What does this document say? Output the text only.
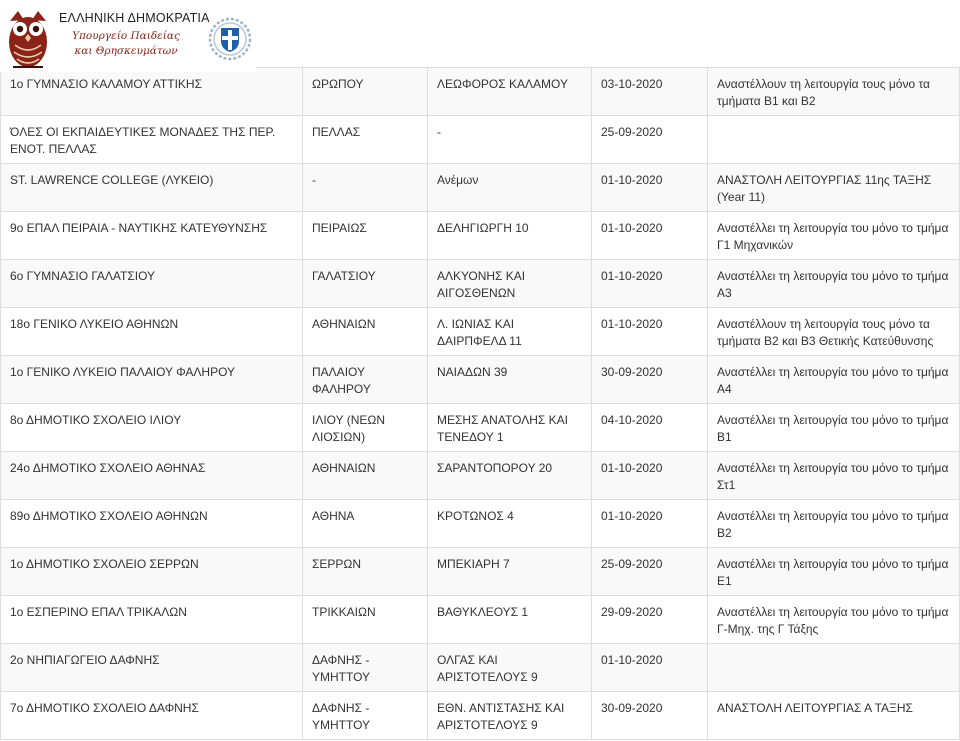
ΕΛΛΗΝΙΚΗ ΔΗΜΟΚΡΑΤΙΑ
Υπουργείο Παιδείας
και Θρησκευμάτων
1ο ΓΥΜΝΑΣΙΟ ΚΑΛΑΜΟΥ ΑΤΤΙΚΗΣ	ΩΡΩΠΟΥ	ΛΕΩΦΟΡΟΣ ΚΑΛΑΜΟΥ	03-10-2020	Αναστέλλουν τη λειτουργία τους μόνο τα τμήματα Β1 και Β2
ΌΛΕΣ ΟΙ ΕΚΠΑΙΔΕΥΤΙΚΕΣ ΜΟΝΑΔΕΣ ΤΗΣ ΠΕΡ. ΕΝΟΤ. ΠΕΛΛΑΣ	ΠΕΛΛΑΣ	-	25-09-2020	
ST. LAWRENCE COLLEGE (ΛΥΚΕΙΟ)	-	Ανέμων	01-10-2020	ΑΝΑΣΤΟΛΗ ΛΕΙΤΟΥΡΓΙΑΣ 11ης ΤΑΞΗΣ (Year 11)
9ο ΕΠΑΛ ΠΕΙΡΑΙΑ - ΝΑΥΤΙΚΗΣ ΚΑΤΕΥΘΥΝΣΗΣ	ΠΕΙΡΑΙΩΣ	ΔΕΛΗΓΙΩΡΓΗ 10	01-10-2020	Αναστέλλει τη λειτουργία του μόνο το τμήμα Γ1 Μηχανικών
6ο ΓΥΜΝΑΣΙΟ ΓΑΛΑΤΣΙΟΥ	ΓΑΛΑΤΣΙΟΥ	ΑΛΚΥΟΝΗΣ ΚΑΙ ΑΙΓΟΣΘΕΝΩΝ	01-10-2020	Αναστέλλει τη λειτουργία του μόνο το τμήμα Α3
18ο ΓΕΝΙΚΟ ΛΥΚΕΙΟ ΑΘΗΝΩΝ	ΑΘΗΝΑΙΩΝ	Λ. ΙΩΝΙΑΣ ΚΑΙ ΔΑΙΡΠΦΕΛΔ 11	01-10-2020	Αναστέλλουν τη λειτουργία τους μόνο τα τμήματα Β2 και Β3 Θετικής Κατεύθυνσης
1ο ΓΕΝΙΚΟ ΛΥΚΕΙΟ ΠΑΛΑΙΟΥ ΦΑΛΗΡΟΥ	ΠΑΛΑΙΟΥ ΦΑΛΗΡΟΥ	ΝΑΙΑΔΩΝ 39	30-09-2020	Αναστέλλει τη λειτουργία του μόνο το τμήμα Α4
8ο ΔΗΜΟΤΙΚΟ ΣΧΟΛΕΙΟ ΙΛΙΟΥ	ΙΛΙΟΥ (ΝΕΩΝ ΛΙΟΣΙΩΝ)	ΜΕΣΗΣ ΑΝΑΤΟΛΗΣ ΚΑΙ ΤΕΝΕΔΟΥ 1	04-10-2020	Αναστέλλει τη λειτουργία του μόνο το τμήμα Β1
24ο ΔΗΜΟΤΙΚΟ ΣΧΟΛΕΙΟ ΑΘΗΝΑΣ	ΑΘΗΝΑΙΩΝ	ΣΑΡΑΝΤΟΠΟΡΟΥ 20	01-10-2020	Αναστέλλει τη λειτουργία του μόνο το τμήμα Στ1
89ο ΔΗΜΟΤΙΚΟ ΣΧΟΛΕΙΟ ΑΘΗΝΩΝ	ΑΘΗΝΑ	ΚΡΟΤΩΝΟΣ 4	01-10-2020	Αναστέλλει τη λειτουργία του μόνο το τμήμα Β2
1ο ΔΗΜΟΤΙΚΟ ΣΧΟΛΕΙΟ ΣΕΡΡΩΝ	ΣΕΡΡΩΝ	ΜΠΕΚΙΑΡΗ 7	25-09-2020	Αναστέλλει τη λειτουργία του μόνο το τμήμα Ε1
1ο ΕΣΠΕΡΙΝΟ ΕΠΑΛ ΤΡΙΚΑΛΩΝ	ΤΡΙΚΚΑΙΩΝ	ΒΑΘΥΚΛΕΟΥΣ 1	29-09-2020	Αναστέλλει τη λειτουργία του μόνο το τμήμα Γ-Μηχ. της Γ Τάξης
2ο ΝΗΠΙΑΓΩΓΕΙΟ ΔΑΦΝΗΣ	ΔΑΦΝΗΣ - ΥΜΗΤΤΟΥ	ΟΛΓΑΣ ΚΑΙ ΑΡΙΣΤΟΤΕΛΟΥΣ 9	01-10-2020	
7ο ΔΗΜΟΤΙΚΟ ΣΧΟΛΕΙΟ ΔΑΦΝΗΣ	ΔΑΦΝΗΣ - ΥΜΗΤΤΟΥ	ΕΘΝ. ΑΝΤΙΣΤΑΣΗΣ ΚΑΙ ΑΡΙΣΤΟΤΕΛΟΥΣ 9	30-09-2020	ΑΝΑΣΤΟΛΗ ΛΕΙΤΟΥΡΓΙΑΣ Α ΤΑΞΗΣ
